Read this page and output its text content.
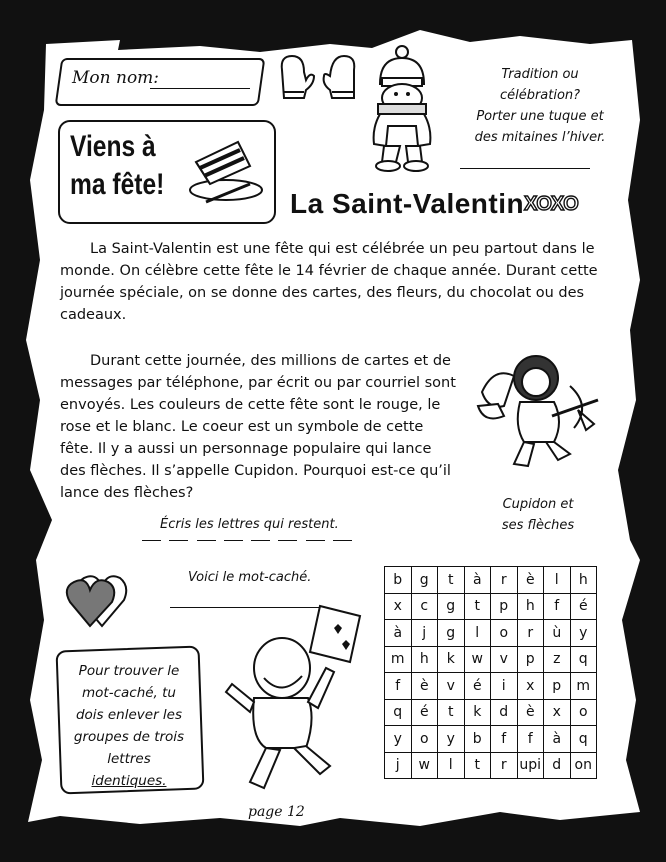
Mon nom:	Tradition ou
célébration?
Porter une tuque et
des mitaines l’hiver.
Viens à
ma fête!
La Saint-Valentin XOXO
La Saint-Valentin est une fête qui est célébrée un peu partout dans le monde. On célèbre cette fête le 14 février de chaque année. Durant cette journée spéciale, on se donne des cartes, des fleurs, du chocolat ou des cadeaux.
Durant cette journée, des millions de cartes et de messages par téléphone, par écrit ou par courriel sont envoyés. Les couleurs de cette fête sont le rouge, le rose et le blanc. Le coeur est un symbole de cette fête. Il y a aussi un personnage populaire qui lance des flèches. Il s’appelle Cupidon. Pourquoi est-ce qu’il lance des flèches?
Cupidon et
ses flèches
Écris les lettres qui restent.
Voici le mot-caché.
Pour trouver le
mot-caché, tu
dois enlever les
groupes de trois
lettres
identiques.
b	g	t	à	r	è	l	h
x	c	g	t	p	h	f	é
à	j	g	l	o	r	ù	y
m	h	k	w	v	p	z	q
f	è	v	é	i	x	p	m
q	é	t	k	d	è	x	o
y	o	y	b	f	f	à	q
j	w	l	t	r	upi	d	on
page 12
